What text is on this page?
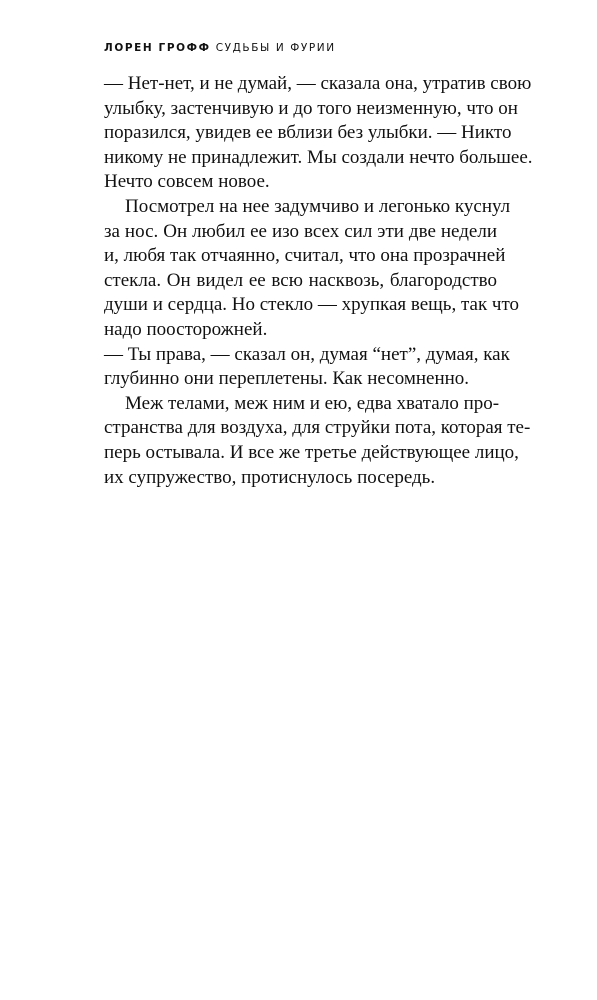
ЛОРЕН ГРОФФ СУДЬБЫ И ФУРИИ
— Нет-нет, и не думай, — сказала она, утратив свою
улыбку, застенчивую и до того неизменную, что он
поразился, увидев ее вблизи без улыбки. — Никто
никому не принадлежит. Мы создали нечто большее.
Нечто совсем новое.
Посмотрел на нее задумчиво и легонько куснул
за нос. Он любил ее изо всех сил эти две недели
и, любя так отчаянно, считал, что она прозрачней
стекла. Он видел ее всю насквозь, благородство
души и сердца. Но стекло — хрупкая вещь, так что
надо поосторожней.
— Ты права, — сказал он, думая “нет”, думая, как
глубинно они переплетены. Как несомненно.
Меж телами, меж ним и ею, едва хватало про-
странства для воздуха, для струйки пота, которая те-
перь остывала. И все же третье действующее лицо,
их супружество, протиснулось посередь.
